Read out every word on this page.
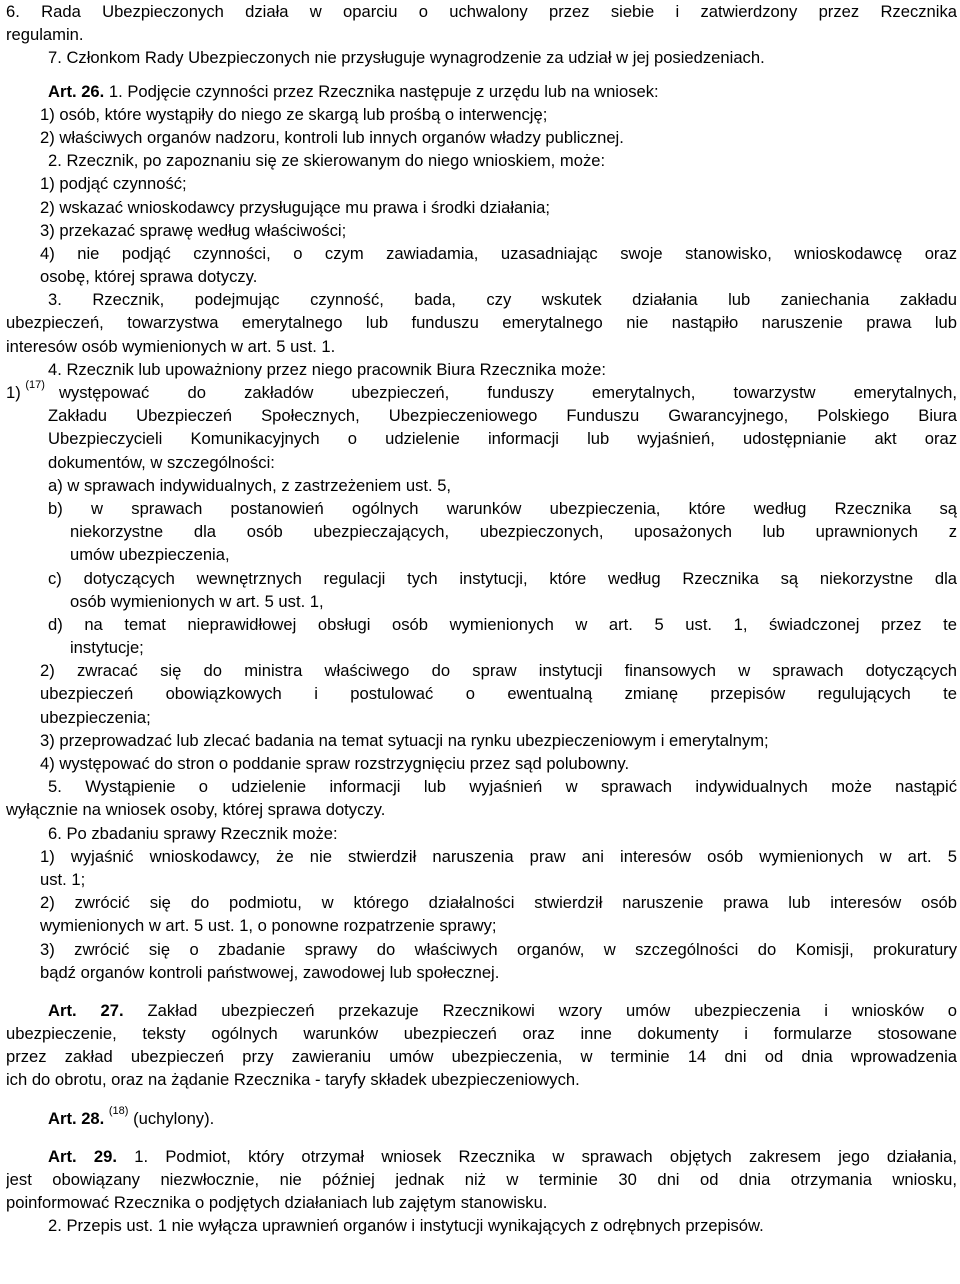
6. Rada Ubezpieczonych działa w oparciu o uchwalony przez siebie i zatwierdzony przez Rzecznika
regulamin.
7. Członkom Rady Ubezpieczonych nie przysługuje wynagrodzenie za udział w jej posiedzeniach.
Art. 26. 1. Podjęcie czynności przez Rzecznika następuje z urzędu lub na wniosek:
1) osób, które wystąpiły do niego ze skargą lub prośbą o interwencję;
2) właściwych organów nadzoru, kontroli lub innych organów władzy publicznej.
2. Rzecznik, po zapoznaniu się ze skierowanym do niego wnioskiem, może:
1) podjąć czynność;
2) wskazać wnioskodawcy przysługujące mu prawa i środki działania;
3) przekazać sprawę według właściwości;
4) nie podjąć czynności, o czym zawiadamia, uzasadniając swoje stanowisko, wnioskodawcę oraz
osobę, której sprawa dotyczy.
3. Rzecznik, podejmując czynność, bada, czy wskutek działania lub zaniechania zakładu
ubezpieczeń, towarzystwa emerytalnego lub funduszu emerytalnego nie nastąpiło naruszenie prawa lub
interesów osób wymienionych w art. 5 ust. 1.
4. Rzecznik lub upoważniony przez niego pracownik Biura Rzecznika może:
1) $^{(17)}$ występować do zakładów ubezpieczeń, funduszy emerytalnych, towarzystw emerytalnych,
Zakładu Ubezpieczeń Społecznych, Ubezpieczeniowego Funduszu Gwarancyjnego, Polskiego Biura
Ubezpieczycieli Komunikacyjnych o udzielenie informacji lub wyjaśnień, udostępnianie akt oraz
dokumentów, w szczególności:
a) w sprawach indywidualnych, z zastrzeżeniem ust. 5,
b) w sprawach postanowień ogólnych warunków ubezpieczenia, które według Rzecznika są
niekorzystne dla osób ubezpieczających, ubezpieczonych, uposażonych lub uprawnionych z
umów ubezpieczenia,
c) dotyczących wewnętrznych regulacji tych instytucji, które według Rzecznika są niekorzystne dla
osób wymienionych w art. 5 ust. 1,
d) na temat nieprawidłowej obsługi osób wymienionych w art. 5 ust. 1, świadczonej przez te
instytucje;
2) zwracać się do ministra właściwego do spraw instytucji finansowych w sprawach dotyczących
ubezpieczeń obowiązkowych i postulować o ewentualną zmianę przepisów regulujących te
ubezpieczenia;
3) przeprowadzać lub zlecać badania na temat sytuacji na rynku ubezpieczeniowym i emerytalnym;
4) występować do stron o poddanie spraw rozstrzygnięciu przez sąd polubowny.
5. Wystąpienie o udzielenie informacji lub wyjaśnień w sprawach indywidualnych może nastąpić
wyłącznie na wniosek osoby, której sprawa dotyczy.
6. Po zbadaniu sprawy Rzecznik może:
1) wyjaśnić wnioskodawcy, że nie stwierdził naruszenia praw ani interesów osób wymienionych w art. 5
ust. 1;
2) zwrócić się do podmiotu, w którego działalności stwierdził naruszenie prawa lub interesów osób
wymienionych w art. 5 ust. 1, o ponowne rozpatrzenie sprawy;
3) zwrócić się o zbadanie sprawy do właściwych organów, w szczególności do Komisji, prokuratury
bądź organów kontroli państwowej, zawodowej lub społecznej.
Art. 27. Zakład ubezpieczeń przekazuje Rzecznikowi wzory umów ubezpieczenia i wniosków o
ubezpieczenie, teksty ogólnych warunków ubezpieczeń oraz inne dokumenty i formularze stosowane
przez zakład ubezpieczeń przy zawieraniu umów ubezpieczenia, w terminie 14 dni od dnia wprowadzenia
ich do obrotu, oraz na żądanie Rzecznika - taryfy składek ubezpieczeniowych.
Art. 28. $^{(18)}$ (uchylony).
Art. 29. 1. Podmiot, który otrzymał wniosek Rzecznika w sprawach objętych zakresem jego działania,
jest obowiązany niezwłocznie, nie później jednak niż w terminie 30 dni od dnia otrzymania wniosku,
poinformować Rzecznika o podjętych działaniach lub zajętym stanowisku.
2. Przepis ust. 1 nie wyłącza uprawnień organów i instytucji wynikających z odrębnych przepisów.
